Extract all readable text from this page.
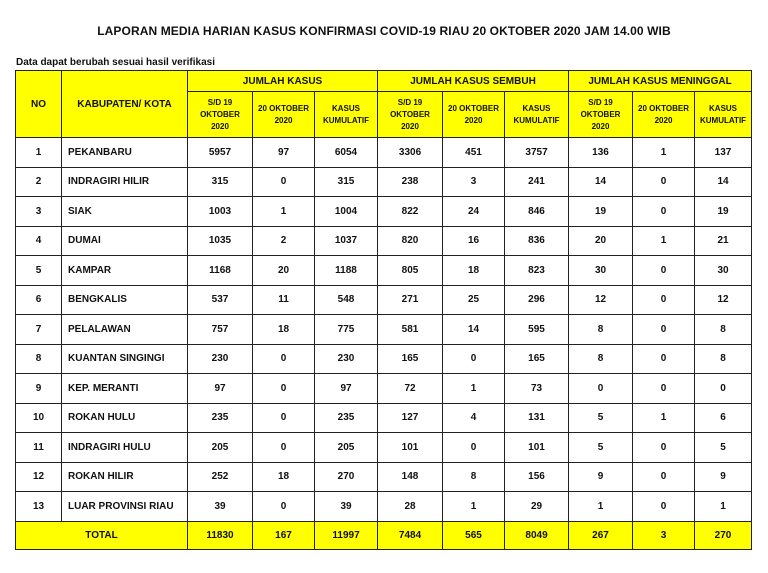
LAPORAN MEDIA HARIAN KASUS KONFIRMASI COVID-19 RIAU 20 OKTOBER 2020 JAM 14.00 WIB
Data dapat berubah sesuai hasil verifikasi
NO	KABUPATEN/ KOTA	JUMLAH KASUS			JUMLAH KASUS SEMBUH			JUMLAH KASUS MENINGGAL		

		S/D 19
OKTOBER
2020	20 OKTOBER
2020	KASUS
KUMULATIF	S/D 19
OKTOBER
2020	20 OKTOBER
2020	KASUS
KUMULATIF	S/D 19
OKTOBER
2020	20 OKTOBER
2020	KASUS
KUMULATIF

1	PEKANBARU	5957	97	6054	3306	451	3757	136	1	137
2	INDRAGIRI HILIR	315	0	315	238	3	241	14	0	14
3	SIAK	1003	1	1004	822	24	846	19	0	19
4	DUMAI	1035	2	1037	820	16	836	20	1	21
5	KAMPAR	1168	20	1188	805	18	823	30	0	30
6	BENGKALIS	537	11	548	271	25	296	12	0	12
7	PELALAWAN	757	18	775	581	14	595	8	0	8
8	KUANTAN SINGINGI	230	0	230	165	0	165	8	0	8
9	KEP. MERANTI	97	0	97	72	1	73	0	0	0
10	ROKAN HULU	235	0	235	127	4	131	5	1	6
11	INDRAGIRI HULU	205	0	205	101	0	101	5	0	5
12	ROKAN HILIR	252	18	270	148	8	156	9	0	9
13	LUAR PROVINSI RIAU	39	0	39	28	1	29	1	0	1
TOTAL		11830	167	11997	7484	565	8049	267	3	270
